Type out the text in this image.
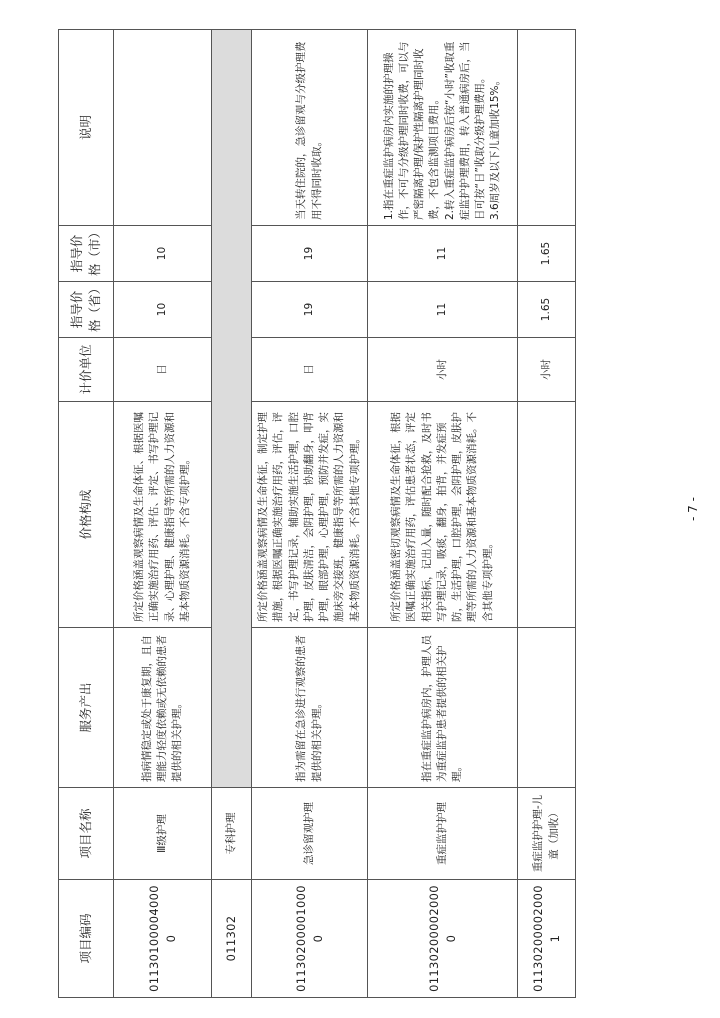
项目编码	项目名称	服务产出	价格构成	计价单位	指导价格（省）	指导价格（市）	说明
011301000040000	Ⅲ级护理	指病情稳定或处于康复期，且自理能力轻度依赖或无依赖的患者提供的相关护理。	所定价格涵盖观察病情及生命体征、根据医嘱正确实施治疗用药、评估、评定、书写护理记录、心理护理、健康指导等所需的人力资源和基本物质资源消耗。不含专项护理。	日	10	10	
011302	专科护理						
011302000010000	急诊留观护理	指为需留在急诊进行观察的患者提供的相关护理。	所定价格涵盖观察病情及生命体征，制定护理措施，根据医嘱正确实施治疗用药，评估，评定，书写护理记录，辅助实施生活护理，口腔护理，皮肤清洁，会阴护理，协助翻身，叩背护理，眼部护理，心理护理，预防并发症，实施床旁交接班，健康指导等所需的人力资源和基本物质资源消耗。不含其他专项护理。	日	19	19	当天转住院的，急诊留观与分级护理费用不得同时收取。
011302000020000	重症监护护理	指在重症监护病房内，护理人员为重症监护患者提供的相关护理。	所定价格涵盖密切观察病情及生命体征，根据医嘱正确实施治疗用药，评估患者状态，评定相关指标，记出入量，随时配合抢救，及时书写护理记录，吸痰，翻身，拍背，并发症预防，生活护理，口腔护理，会阴护理，皮肤护理等所需的人力资源和基本物质资源消耗。不含其他专项护理。	小时	11	11	1.指在重症监护病房内实施的护理操作，不可与分级护理同时收费，可以与严密隔离护理/保护性隔离护理同时收费，不包含监测项目费用。 2.转入重症监护病房后按“小时”收取重症监护护理费用，转入普通病房后，当日可按“日”收取分级护理费用。 3.6周岁及以下儿童加收15%。

011302000020001	重症监护护理-儿童（加收）			小时	1.65	1.65	
- 7 -
